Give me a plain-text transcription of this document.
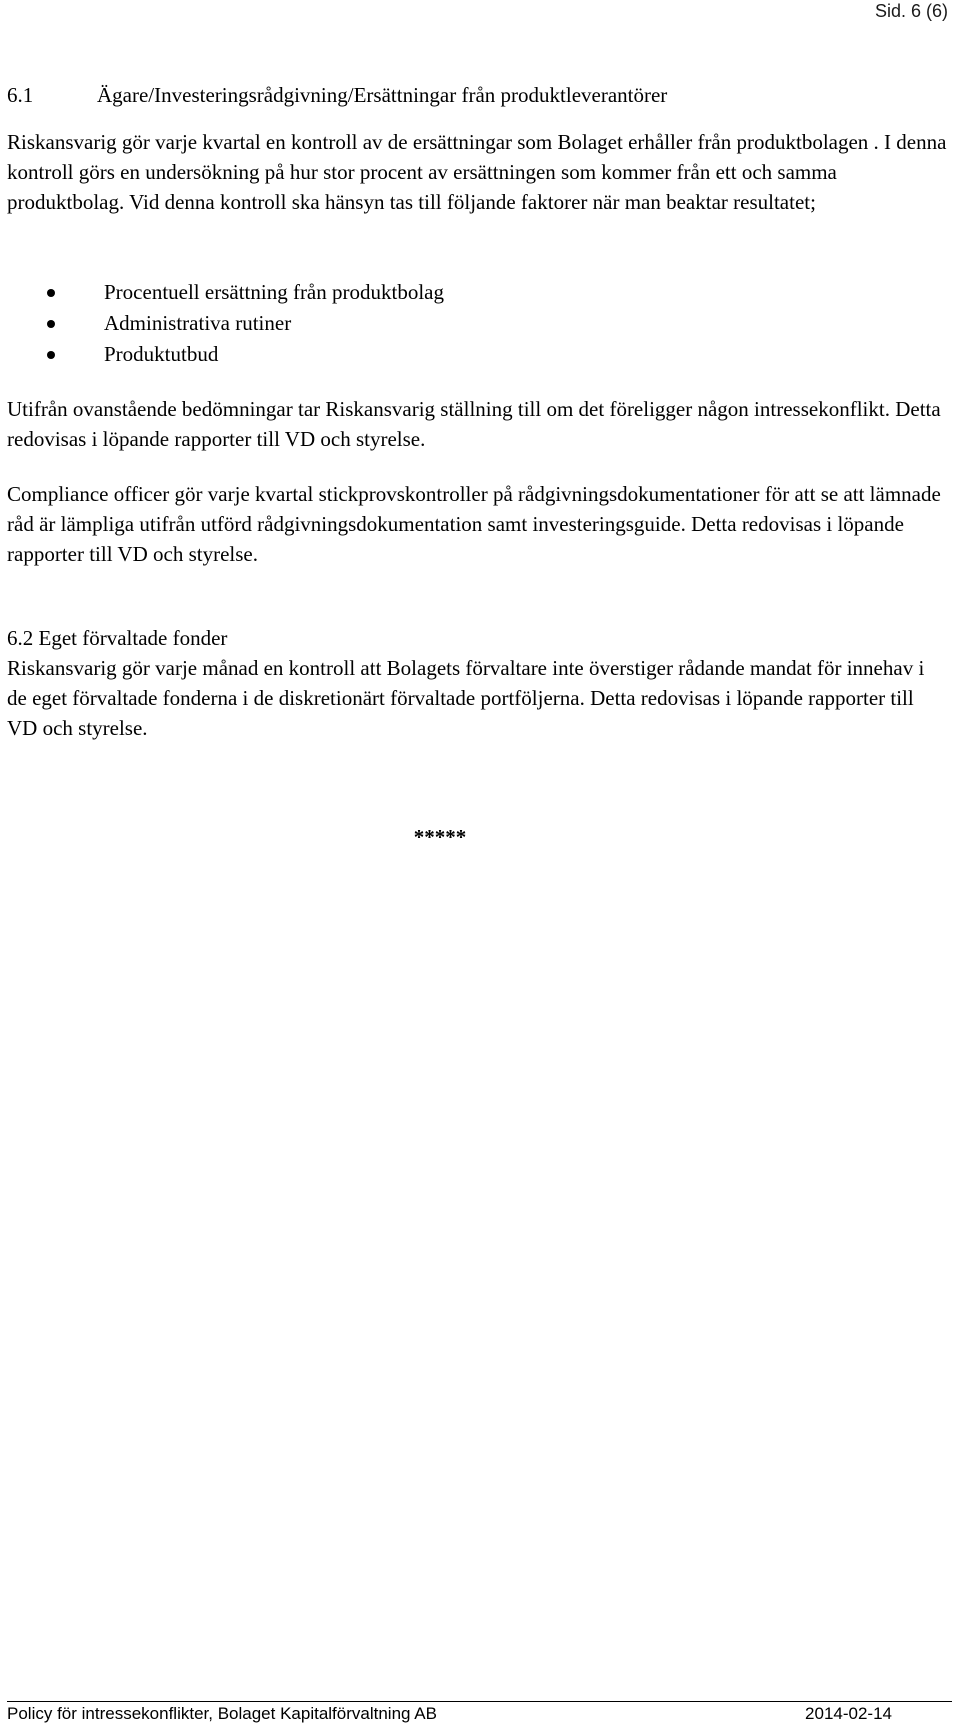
Sid. 6 (6)
6.1	Ägare/Investeringsrådgivning/Ersättningar från produktleverantörer

Riskansvarig gör varje kvartal en kontroll av de ersättningar som Bolaget erhåller från produktbolagen . I denna kontroll görs en undersökning på hur stor procent av ersättningen som kommer från ett och samma produktbolag. Vid denna kontroll ska hänsyn tas till följande faktorer när man beaktar resultatet;

Procentuell ersättning från produktbolag
Administrativa rutiner
Produktutbud

Utifrån ovanstående bedömningar tar Riskansvarig ställning till om det föreligger någon intressekonflikt. Detta redovisas i löpande rapporter till VD och styrelse.

Compliance officer gör varje kvartal stickprovskontroller på rådgivningsdokumentationer för att se att lämnade råd är lämpliga utifrån utförd rådgivningsdokumentation samt investeringsguide. Detta redovisas i löpande rapporter till VD och styrelse.

6.2 Eget förvaltade fonder

Riskansvarig gör varje månad en kontroll att Bolagets förvaltare inte överstiger rådande mandat för innehav i de eget förvaltade fonderna i de diskretionärt förvaltade portföljerna. Detta redovisas i löpande rapporter till VD och styrelse.

*****
Policy för intressekonflikter, Bolaget Kapitalförvaltning AB	2014-02-14
